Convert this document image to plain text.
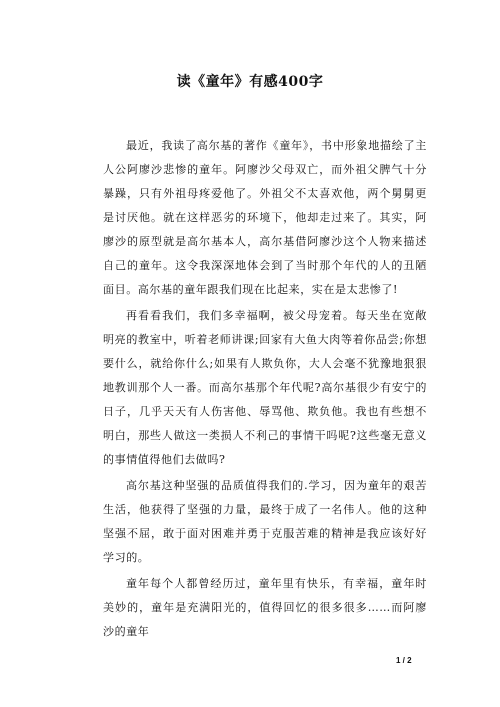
读《童年》有感400字

最近，我读了高尔基的著作《童年》，书中形象地描绘了主人公阿廖沙悲惨的童年。阿廖沙父母双亡，而外祖父脾气十分暴躁，只有外祖母疼爱他了。外祖父不太喜欢他，两个舅舅更是讨厌他。就在这样恶劣的环境下，他却走过来了。其实，阿廖沙的原型就是高尔基本人，高尔基借阿廖沙这个人物来描述自己的童年。这令我深深地体会到了当时那个年代的人的丑陋面目。高尔基的童年跟我们现在比起来，实在是太悲惨了!

再看看我们，我们多幸福啊，被父母宠着。每天坐在宽敞明亮的教室中，听着老师讲课;回家有大鱼大肉等着你品尝;你想要什么，就给你什么;如果有人欺负你，大人会毫不犹豫地狠狠地教训那个人一番。而高尔基那个年代呢?高尔基很少有安宁的日子，几乎天天有人伤害他、辱骂他、欺负他。我也有些想不明白，那些人做这一类损人不利己的事情干吗呢?这些毫无意义的事情值得他们去做吗?

高尔基这种坚强的品质值得我们的.学习，因为童年的艰苦生活，他获得了坚强的力量，最终于成了一名伟人。他的这种坚强不屈，敢于面对困难并勇于克服苦难的精神是我应该好好学习的。

童年每个人都曾经历过，童年里有快乐，有幸福，童年时美妙的，童年是充满阳光的，值得回忆的很多很多……而阿廖沙的童年

1 / 2
